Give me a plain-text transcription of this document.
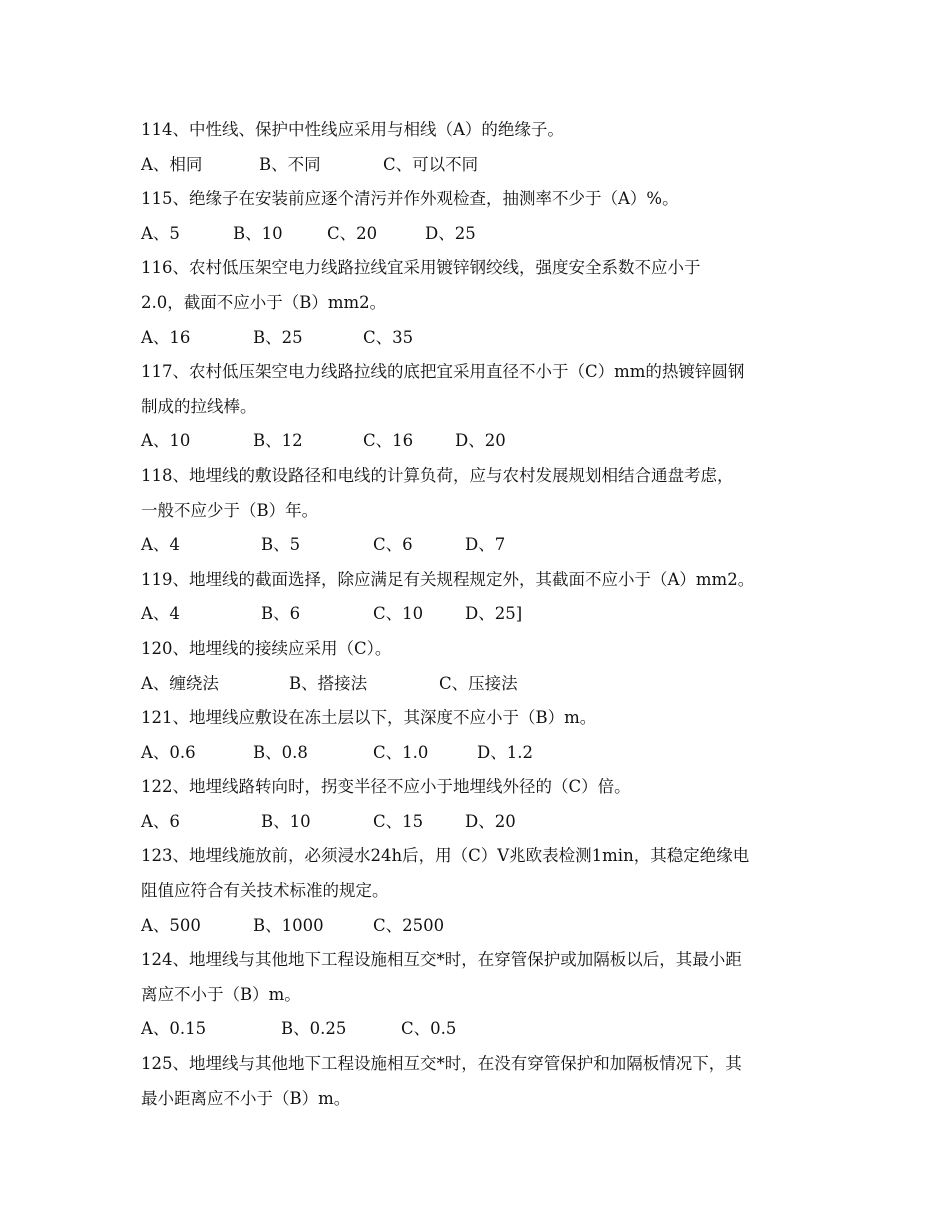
114、中性线、保护中性线应采用与相线（A）的绝缘子。
A、相同	B、不同	C、可以不同
115、绝缘子在安装前应逐个清污并作外观检查，抽测率不少于（A）%。
A、5	B、10	C、20	D、25
116、农村低压架空电力线路拉线宜采用镀锌钢绞线，强度安全系数不应小于
2.0，截面不应小于（B）mm2。
A、16	B、25	C、35
117、农村低压架空电力线路拉线的底把宜采用直径不小于（C）mm的热镀锌圆钢
制成的拉线棒。
A、10	B、12	C、16	D、20
118、地埋线的敷设路径和电线的计算负荷，应与农村发展规划相结合通盘考虑，
一般不应少于（B）年。
A、4	B、5	C、6	D、7
119、地埋线的截面选择，除应满足有关规程规定外，其截面不应小于（A）mm2。
A、4	B、6	C、10	D、25]
120、地埋线的接续应采用（C）。
A、缠绕法	B、搭接法	C、压接法
121、地埋线应敷设在冻土层以下，其深度不应小于（B）m。
A、0.6	B、0.8	C、1.0	D、1.2
122、地埋线路转向时，拐变半径不应小于地埋线外径的（C）倍。
A、6	B、10	C、15	D、20
123、地埋线施放前，必须浸水24h后，用（C）V兆欧表检测1min，其稳定绝缘电
阻值应符合有关技术标准的规定。
A、500	B、1000	C、2500
124、地埋线与其他地下工程设施相互交*时，在穿管保护或加隔板以后，其最小距
离应不小于（B）m。
A、0.15	B、0.25	C、0.5
125、地埋线与其他地下工程设施相互交*时，在没有穿管保护和加隔板情况下，其
最小距离应不小于（B）m。
